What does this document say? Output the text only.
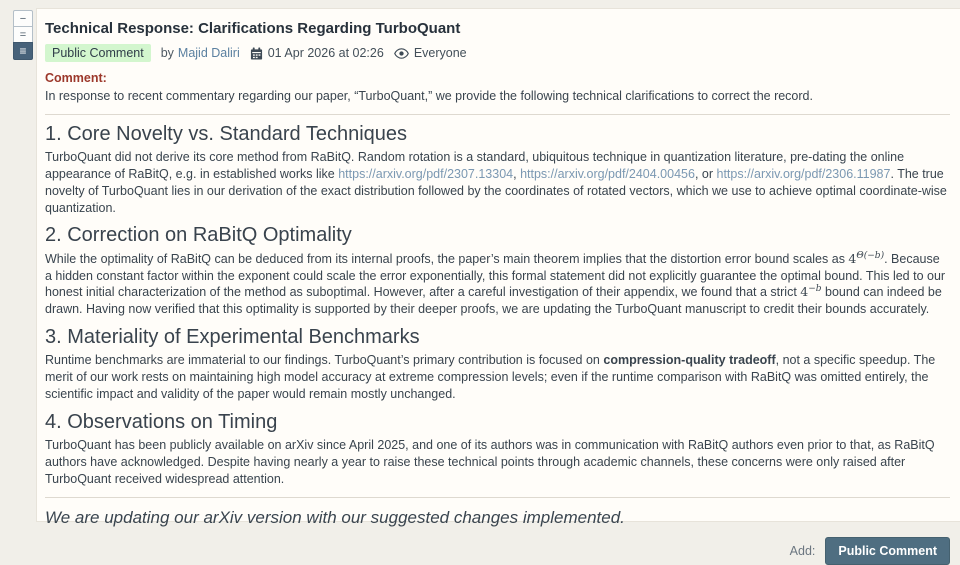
−
=
≡
Technical Response: Clarifications Regarding TurboQuant
Public Comment	by Majid Daliri 01 Apr 2026 at 02:26 Everyone
Comment:
In response to recent commentary regarding our paper, “TurboQuant,” we provide the following technical clarifications to correct the record.
1. Core Novelty vs. Standard Techniques

TurboQuant did not derive its core method from RaBitQ. Random rotation is a standard, ubiquitous technique in quantization literature, pre-dating the online appearance of RaBitQ, e.g. in established works like https://arxiv.org/pdf/2307.13304, https://arxiv.org/pdf/2404.00456, or https://arxiv.org/pdf/2306.11987. The true novelty of TurboQuant lies in our derivation of the exact distribution followed by the coordinates of rotated vectors, which we use to achieve optimal coordinate-wise quantization.

2. Correction on RaBitQ Optimality

While the optimality of RaBitQ can be deduced from its internal proofs, the paper’s main theorem implies that the distortion error bound scales as $4^{\Theta(-b)}$. Because a hidden constant factor within the exponent could scale the error exponentially, this formal statement did not explicitly guarantee the optimal bound. This led to our honest initial characterization of the method as suboptimal. However, after a careful investigation of their appendix, we found that a strict $4^{-b}$ bound can indeed be drawn. Having now verified that this optimality is supported by their deeper proofs, we are updating the TurboQuant manuscript to credit their bounds accurately.

3. Materiality of Experimental Benchmarks

Runtime benchmarks are immaterial to our findings. TurboQuant’s primary contribution is focused on compression-quality tradeoff, not a specific speedup. The merit of our work rests on maintaining high model accuracy at extreme compression levels; even if the runtime comparison with RaBitQ was omitted entirely, the scientific impact and validity of the paper would remain mostly unchanged.

4. Observations on Timing

TurboQuant has been publicly available on arXiv since April 2025, and one of its authors was in communication with RaBitQ authors even prior to that, as RaBitQ authors have acknowledged. Despite having nearly a year to raise these technical points through academic channels, these concerns were only raised after TurboQuant received widespread attention.

We are updating our arXiv version with our suggested changes implemented.
Add:	Public Comment
